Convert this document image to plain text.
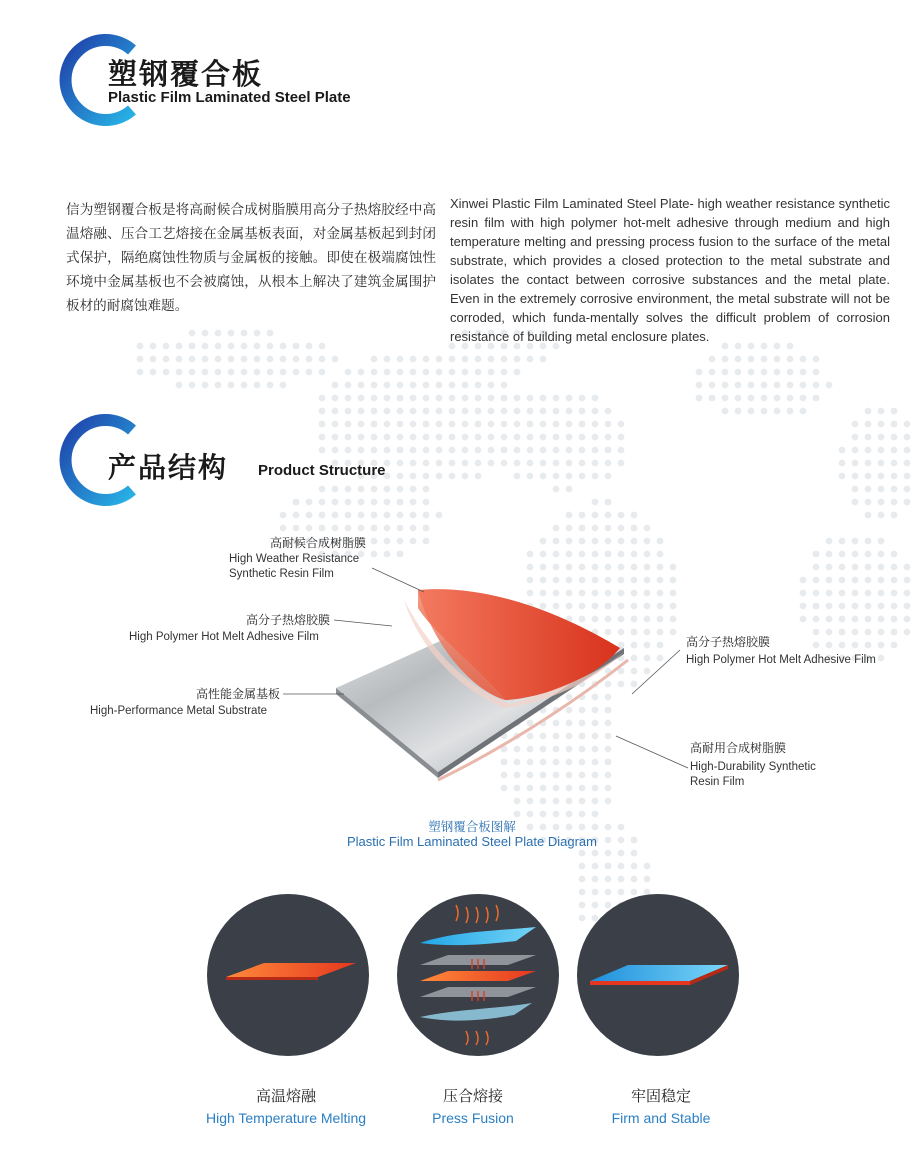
塑钢覆合板
Plastic Film Laminated Steel Plate
信为塑钢覆合板是将高耐候合成树脂膜用高分子热熔胶经中高温熔融、压合工艺熔接在金属基板表面，对金属基板起到封闭式保护，隔绝腐蚀性物质与金属板的接触。即使在极端腐蚀性环境中金属基板也不会被腐蚀，从根本上解决了建筑金属围护板材的耐腐蚀难题。
Xinwei Plastic Film Laminated Steel Plate- high weather resistance synthetic resin film with high polymer hot-melt adhesive through medium and high temperature melting and pressing process fusion to the surface of the metal substrate, which provides a closed protection to the metal substrate and isolates the contact between corrosive substances and the metal plate. Even in the extremely corrosive environment, the metal substrate will not be corroded, which funda-mentally solves the difficult problem of corrosion resistance of building metal enclosure plates.
产品结构 Product Structure
高耐候合成树脂膜
High Weather Resistance
Synthetic Resin Film
高分子热熔胶膜
High Polymer Hot Melt Adhesive Film
高性能金属基板
High-Performance Metal Substrate
高分子热熔胶膜
High Polymer Hot Melt Adhesive Film
高耐用合成树脂膜
High-Durability Synthetic
Resin Film
塑钢覆合板图解
Plastic Film Laminated Steel Plate Diagram
高温熔融
High Temperature Melting
压合熔接
Press Fusion
牢固稳定
Firm and Stable
